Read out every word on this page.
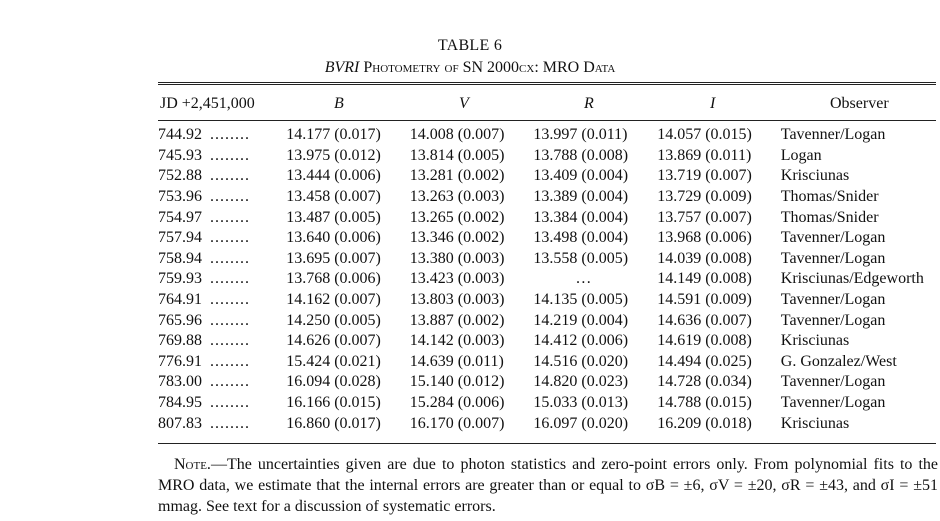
TABLE 6
BVRI Photometry of SN 2000cx: MRO Data
JD +2,451,000	B	V	R	I	Observer
744.92 ........	14.177 (0.017)	14.008 (0.007)	13.997 (0.011)	14.057 (0.015)	Tavenner/Logan
745.93 ........	13.975 (0.012)	13.814 (0.005)	13.788 (0.008)	13.869 (0.011)	Logan
752.88 ........	13.444 (0.006)	13.281 (0.002)	13.409 (0.004)	13.719 (0.007)	Krisciunas
753.96 ........	13.458 (0.007)	13.263 (0.003)	13.389 (0.004)	13.729 (0.009)	Thomas/Snider
754.97 ........	13.487 (0.005)	13.265 (0.002)	13.384 (0.004)	13.757 (0.007)	Thomas/Snider
757.94 ........	13.640 (0.006)	13.346 (0.002)	13.498 (0.004)	13.968 (0.006)	Tavenner/Logan
758.94 ........	13.695 (0.007)	13.380 (0.003)	13.558 (0.005)	14.039 (0.008)	Tavenner/Logan
759.93 ........	13.768 (0.006)	13.423 (0.003)	…	14.149 (0.008)	Krisciunas/Edgeworth
764.91 ........	14.162 (0.007)	13.803 (0.003)	14.135 (0.005)	14.591 (0.009)	Tavenner/Logan
765.96 ........	14.250 (0.005)	13.887 (0.002)	14.219 (0.004)	14.636 (0.007)	Tavenner/Logan
769.88 ........	14.626 (0.007)	14.142 (0.003)	14.412 (0.006)	14.619 (0.008)	Krisciunas
776.91 ........	15.424 (0.021)	14.639 (0.011)	14.516 (0.020)	14.494 (0.025)	G. Gonzalez/West
783.00 ........	16.094 (0.028)	15.140 (0.012)	14.820 (0.023)	14.728 (0.034)	Tavenner/Logan
784.95 ........	16.166 (0.015)	15.284 (0.006)	15.033 (0.013)	14.788 (0.015)	Tavenner/Logan
807.83 ........	16.860 (0.017)	16.170 (0.007)	16.097 (0.020)	16.209 (0.018)	Krisciunas
Note.—The uncertainties given are due to photon statistics and zero-point errors only. From polynomial fits to the MRO data, we estimate that the internal errors are greater than or equal to σB = ±6, σV = ±20, σR = ±43, and σI = ±51 mmag. See text for a discussion of systematic errors.
